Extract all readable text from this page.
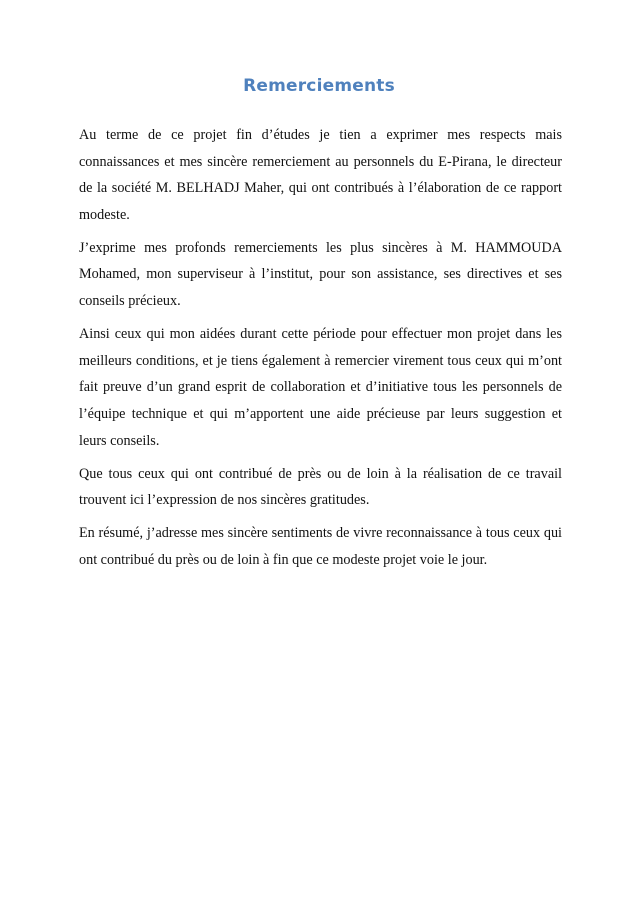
Remerciements

Au terme de ce projet fin d’études je tien a exprimer mes respects mais connaissances et mes sincère remerciement au personnels du E-Pirana, le directeur de la société M. BELHADJ Maher, qui ont contribués à l’élaboration de ce rapport modeste.

J’exprime mes profonds remerciements les plus sincères à M. HAMMOUDA Mohamed, mon superviseur à l’institut, pour son assistance, ses directives et ses conseils précieux.

Ainsi ceux qui mon aidées durant cette période pour effectuer mon projet dans les meilleurs conditions, et je tiens également à remercier virement tous ceux qui m’ont fait preuve d’un grand esprit de collaboration et d’initiative tous les personnels de l’équipe technique et qui m’apportent une aide précieuse par leurs suggestion et leurs conseils.

Que tous ceux qui ont contribué de près ou de loin à la réalisation de ce travail trouvent ici l’expression de nos sincères gratitudes.

En résumé, j’adresse mes sincère sentiments de vivre reconnaissance à tous ceux qui ont contribué du près ou de loin à fin que ce modeste projet voie le jour.
